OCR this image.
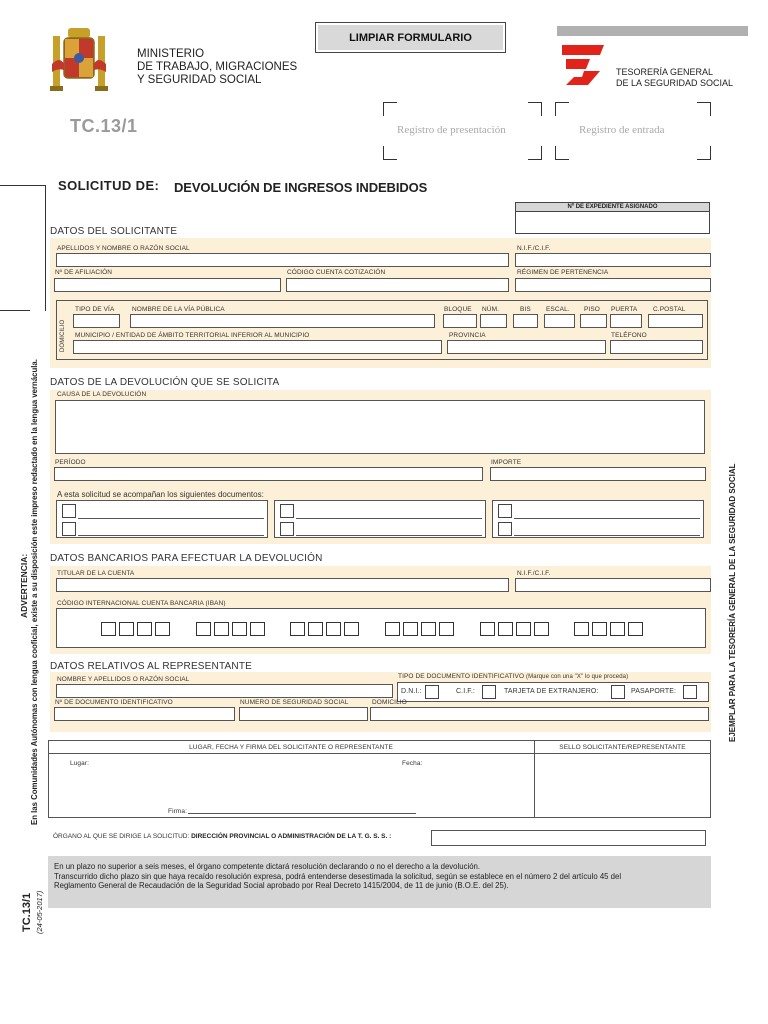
MINISTERIO
DE TRABAJO, MIGRACIONES
Y SEGURIDAD SOCIAL
LIMPIAR FORMULARIO
TESORERÍA GENERAL
DE LA SEGURIDAD SOCIAL
TC.13/1	Registro de presentación	Registro de entrada
SOLICITUD DE: DEVOLUCIÓN DE INGRESOS INDEBIDOS
Nº DE EXPEDIENTE ASIGNADO
DATOS DEL SOLICITANTE
APELLIDOS Y NOMBRE O RAZÓN SOCIAL	N.I.F./C.I.F.
Nº DE AFILIACIÓN	CÓDIGO CUENTA COTIZACIÓN	RÉGIMEN DE PERTENENCIA
DOMICILIO
TIPO DE VÍA	NOMBRE DE LA VÍA PÚBLICA	BLOQUE NÚM.	BIS ESCAL. PISO PUERTA C.POSTAL
MUNICIPIO / ENTIDAD DE ÁMBITO TERRITORIAL INFERIOR AL MUNICIPIO	PROVINCIA	TELÉFONO
DATOS DE LA DEVOLUCIÓN QUE SE SOLICITA
CAUSA DE LA DEVOLUCIÓN
PERÍODO	IMPORTE
A esta solicitud se acompañan los siguientes documentos:
DATOS BANCARIOS PARA EFECTUAR LA DEVOLUCIÓN
TITULAR DE LA CUENTA	N.I.F./C.I.F.
CÓDIGO INTERNACIONAL CUENTA BANCARIA (IBAN)
DATOS RELATIVOS AL REPRESENTANTE
NOMBRE Y APELLIDOS O RAZÓN SOCIAL	TIPO DE DOCUMENTO IDENTIFICATIVO (Marque con una "X" lo que proceda)
D.N.I.:	C.I.F.:	TARJETA DE EXTRANJERO:	PASAPORTE:
Nº DE DOCUMENTO IDENTIFICATIVO	NUMERO DE SEGURIDAD SOCIAL	DOMICILIO
LUGAR, FECHA Y FIRMA DEL SOLICITANTE O REPRESENTANTE	SELLO SOLICITANTE/REPRESENTANTE
Lugar:	Fecha:
Firma:
ÓRGANO AL QUE SE DIRIGE LA SOLICITUD: DIRECCIÓN PROVINCIAL O ADMINISTRACIÓN DE LA T. G. S. S. :
En un plazo no superior a seis meses, el órgano competente dictará resolución declarando o no el derecho a la devolución.
Transcurrido dicho plazo sin que haya recaído resolución expresa, podrá entenderse desestimada la solicitud, según se establece en el número 2 del artículo 45 del
Reglamento General de Recaudación de la Seguridad Social aprobado por Real Decreto 1415/2004, de 11 de junio (B.O.E. del 25).
ADVERTENCIA: En las Comunidades Autónomas con lengua cooficial, existe a su disposición este impreso redactado en la lengua vernácula.	EJEMPLAR PARA LA TESORERÍA GENERAL DE LA SEGURIDAD SOCIAL
TC.13/1 (24-05-2017)
